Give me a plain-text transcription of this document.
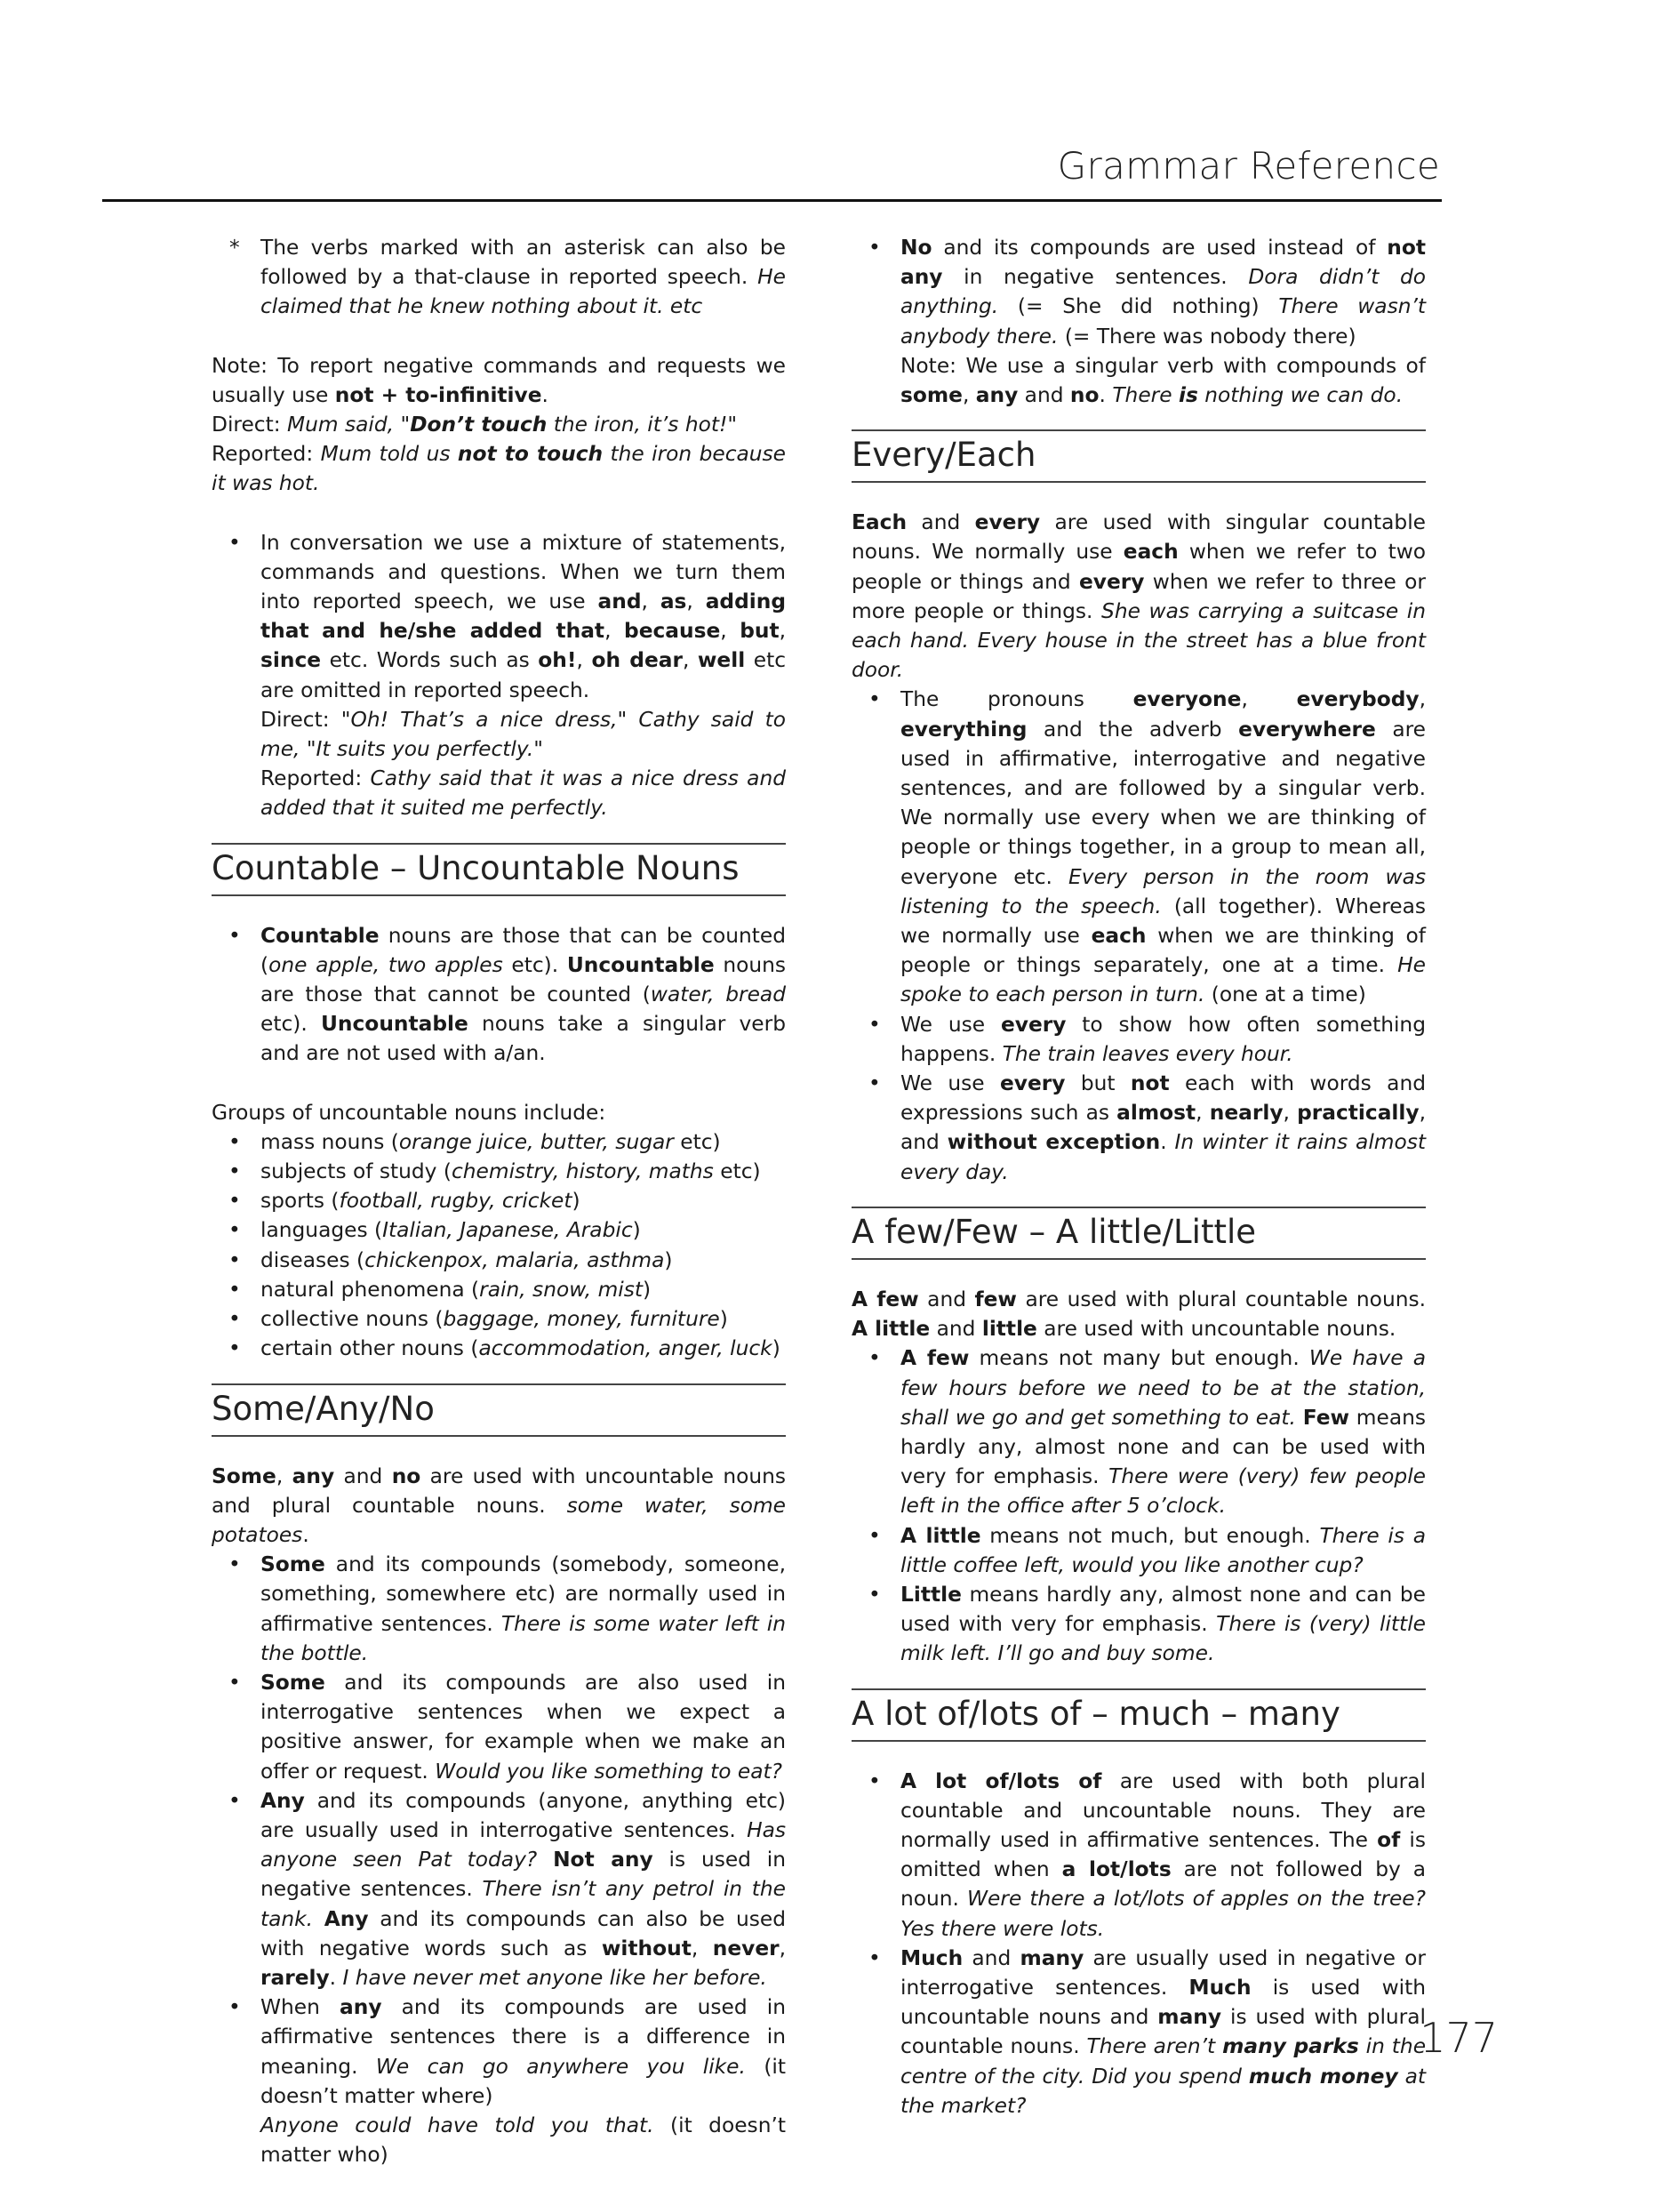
Grammar Reference

* The verbs marked with an asterisk can also be followed by a that-clause in reported speech. He claimed that he knew nothing about it. etc

Note: To report negative commands and requests we usually use not + to-infinitive.

Direct: Mum said, "Don’t touch the iron, it’s hot!"

Reported: Mum told us not to touch the iron because it was hot.

• In conversation we use a mixture of statements, commands and questions. When we turn them into reported speech, we use and, as, adding that and he/she added that, because, but, since etc. Words such as oh!, oh dear, well etc are omitted in reported speech.
Direct: "Oh! That’s a nice dress," Cathy said to me, "It suits you perfectly."
Reported: Cathy said that it was a nice dress and added that it suited me perfectly.
Countable – Uncountable Nouns
• Countable nouns are those that can be counted (one apple, two apples etc). Uncountable nouns are those that cannot be counted (water, bread etc). Uncountable nouns take a singular verb and are not used with a/an.

Groups of uncountable nouns include:

• mass nouns (orange juice, butter, sugar etc)
• subjects of study (chemistry, history, maths etc)
• sports (football, rugby, cricket)
• languages (Italian, Japanese, Arabic)
• diseases (chickenpox, malaria, asthma)
• natural phenomena (rain, snow, mist)
• collective nouns (baggage, money, furniture)
• certain other nouns (accommodation, anger, luck)
Some/Any/No

Some, any and no are used with uncountable nouns and plural countable nouns. some water, some potatoes.

• Some and its compounds (somebody, someone, something, somewhere etc) are normally used in affirmative sentences. There is some water left in the bottle.
• Some and its compounds are also used in interrogative sentences when we expect a positive answer, for example when we make an offer or request. Would you like something to eat?
• Any and its compounds (anyone, anything etc) are usually used in interrogative sentences. Has anyone seen Pat today? Not any is used in negative sentences. There isn’t any petrol in the tank. Any and its compounds can also be used with negative words such as without, never, rarely. I have never met anyone like her before.
• When any and its compounds are used in affirmative sentences there is a difference in meaning. We can go anywhere you like. (it doesn’t matter where)
Anyone could have told you that. (it doesn’t matter who)
• No and its compounds are used instead of not any in negative sentences. Dora didn’t do anything. (= She did nothing) There wasn’t anybody there. (= There was nobody there)
Note: We use a singular verb with compounds of some, any and no. There is nothing we can do.
Every/Each

Each and every are used with singular countable nouns. We normally use each when we refer to two people or things and every when we refer to three or more people or things. She was carrying a suitcase in each hand. Every house in the street has a blue front door.

• The pronouns everyone, everybody, everything and the adverb everywhere are used in affirmative, interrogative and negative sentences, and are followed by a singular verb. We normally use every when we are thinking of people or things together, in a group to mean all, everyone etc. Every person in the room was listening to the speech. (all together). Whereas we normally use each when we are thinking of people or things separately, one at a time. He spoke to each person in turn. (one at a time)
• We use every to show how often something happens. The train leaves every hour.
• We use every but not each with words and expressions such as almost, nearly, practically, and without exception. In winter it rains almost every day.
A few/Few – A little/Little

A few and few are used with plural countable nouns. A little and little are used with uncountable nouns.

• A few means not many but enough. We have a few hours before we need to be at the station, shall we go and get something to eat. Few means hardly any, almost none and can be used with very for emphasis. There were (very) few people left in the office after 5 o’clock.
• A little means not much, but enough. There is a little coffee left, would you like another cup?
• Little means hardly any, almost none and can be used with very for emphasis. There is (very) little milk left. I’ll go and buy some.
A lot of/lots of – much – many
• A lot of/lots of are used with both plural countable and uncountable nouns. They are normally used in affirmative sentences. The of is omitted when a lot/lots are not followed by a noun. Were there a lot/lots of apples on the tree? Yes there were lots.
• Much and many are usually used in negative or interrogative sentences. Much is used with uncountable nouns and many is used with plural countable nouns. There aren’t many parks in the centre of the city. Did you spend much money at the market?
177
